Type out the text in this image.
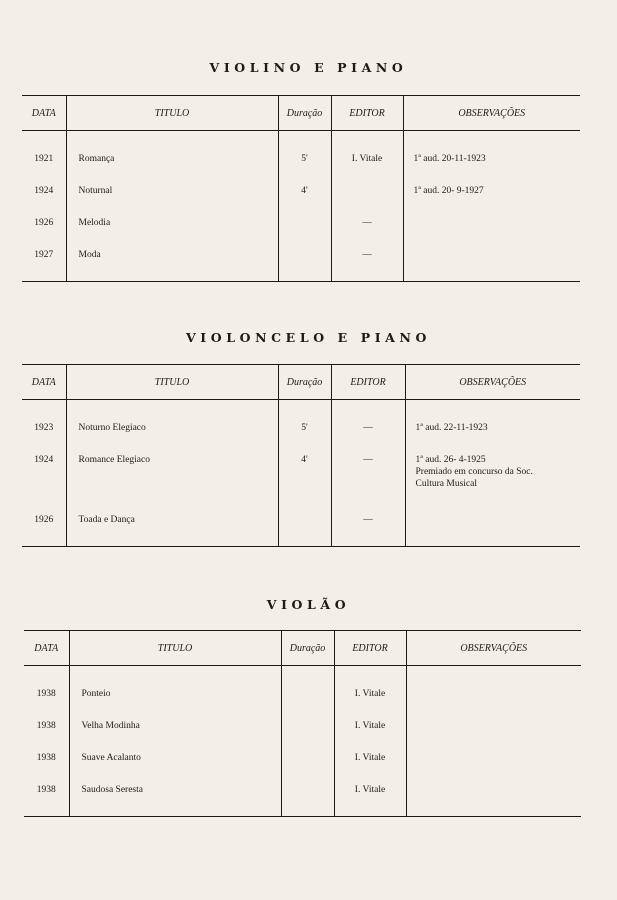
VIOLINO E PIANO
DATA	TITULO	Duração	EDITOR	OBSERVAÇÕES

1921	Romança	5'	I. Vitale	1ª aud. 20-11-1923

1924	Noturnal	4'		1ª aud. 20- 9-1927

1926	Melodia		—	
1927	Moda		—	
VIOLONCELO E PIANO
DATA	TITULO	Duração	EDITOR	OBSERVAÇÕES

1923	Noturno Elegiaco	5'	—	1ª aud. 22-11-1923

1924	Romance Elegiaco	4'	—	1ª aud. 26- 4-1925
Premiado em concurso da Soc.
Cultura Musical

1926	Toada e Dança		—	
VIOLÃO
DATA	TITULO	Duração	EDITOR	OBSERVAÇÕES

1938	Ponteio		I. Vitale	
1938	Velha Modinha		I. Vitale	
1938	Suave Acalanto		I. Vitale	
1938	Saudosa Seresta		I. Vitale	
